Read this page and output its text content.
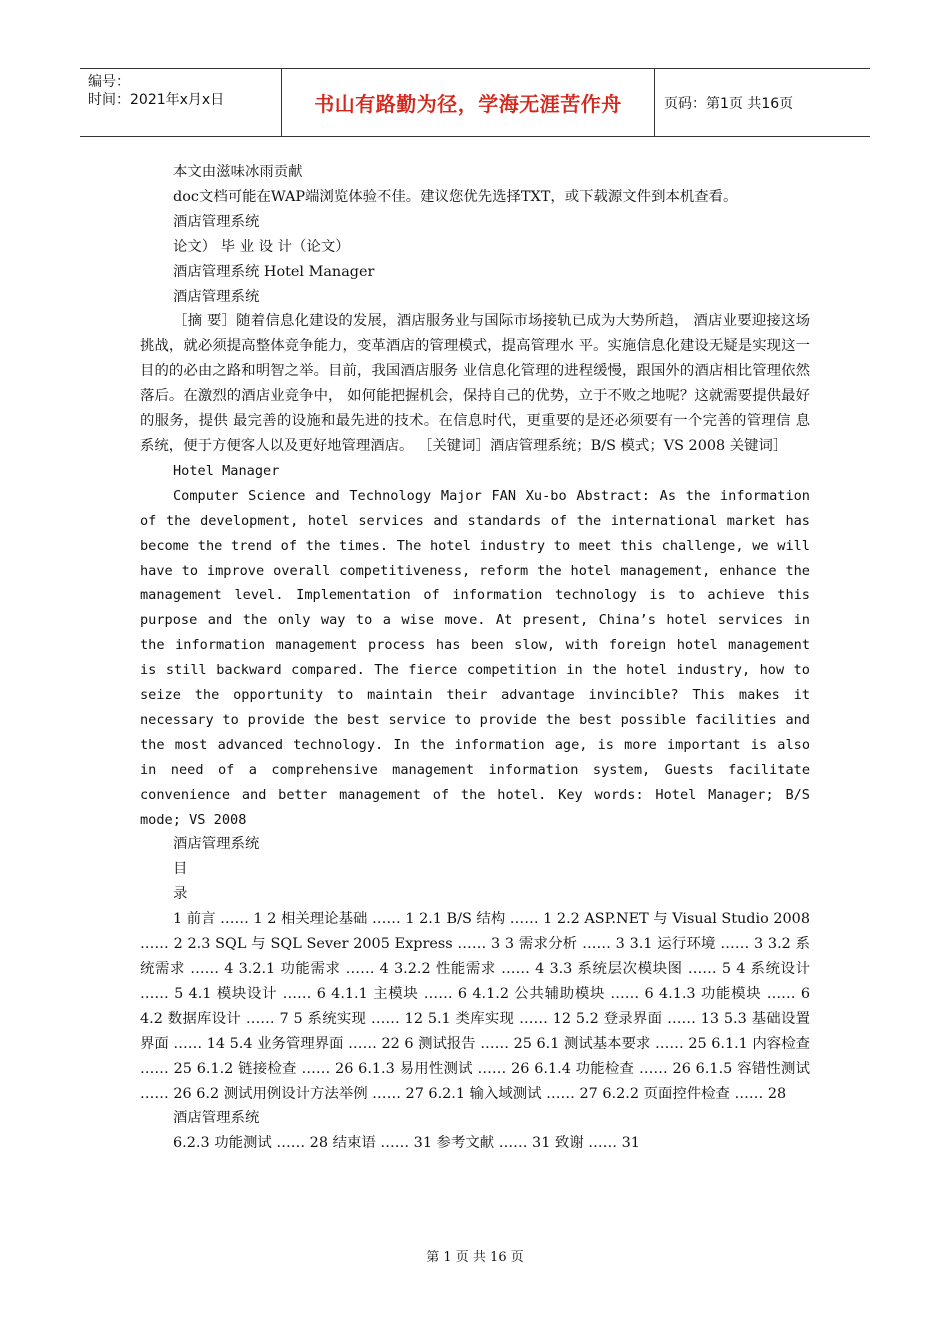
编号：
时间：2021年x月x日	书山有路勤为径，学海无涯苦作舟	页码：第1页 共16页

本文由滋味冰雨贡献

doc文档可能在WAP端浏览体验不佳。建议您优先选择TXT，或下载源文件到本机查看。

酒店管理系统

论文） 毕 业 设 计（论文）

酒店管理系统 Hotel Manager

酒店管理系统

［摘 要］随着信息化建设的发展，酒店服务业与国际市场接轨已成为大势所趋， 酒店业要迎接这场挑战，就必须提高整体竞争能力，变革酒店的管理模式，提高管理水 平。实施信息化建设无疑是实现这一目的的必由之路和明智之举。目前，我国酒店服务 业信息化管理的进程缓慢，跟国外的酒店相比管理依然落后。在激烈的酒店业竞争中， 如何能把握机会，保持自己的优势，立于不败之地呢？这就需要提供最好的服务，提供 最完善的设施和最先进的技术。在信息时代，更重要的是还必须要有一个完善的管理信 息系统，便于方便客人以及更好地管理酒店。 ［关键词］酒店管理系统；B/S 模式；VS 2008 关键词］

Hotel Manager

Computer Science and Technology Major FAN Xu-bo Abstract: As the information of the development, hotel services and standards of the international market has become the trend of the times. The hotel industry to meet this challenge, we will have to improve overall competitiveness, reform the hotel management, enhance the management level. Implementation of information technology is to achieve this purpose and the only way to a wise move. At present, China’s hotel services in the information management process has been slow, with foreign hotel management is still backward compared. The fierce competition in the hotel industry, how to seize the opportunity to maintain their advantage invincible? This makes it necessary to provide the best service to provide the best possible facilities and the most advanced technology. In the information age, is more important is also in need of a comprehensive management information system, Guests facilitate convenience and better management of the hotel. Key words: Hotel Manager; B/S mode; VS 2008

酒店管理系统

目

录

1 前言 …… 1 2 相关理论基础 …… 1 2.1 B/S 结构 …… 1 2.2 ASP.NET 与 Visual Studio 2008 …… 2 2.3 SQL 与 SQL Sever 2005 Express …… 3 3 需求分析 …… 3 3.1 运行环境 …… 3 3.2 系统需求 …… 4 3.2.1 功能需求 …… 4 3.2.2 性能需求 …… 4 3.3 系统层次模块图 …… 5 4 系统设计 …… 5 4.1 模块设计 …… 6 4.1.1 主模块 …… 6 4.1.2 公共辅助模块 …… 6 4.1.3 功能模块 …… 6 4.2 数据库设计 …… 7 5 系统实现 …… 12 5.1 类库实现 …… 12 5.2 登录界面 …… 13 5.3 基础设置界面 …… 14 5.4 业务管理界面 …… 22 6 测试报告 …… 25 6.1 测试基本要求 …… 25 6.1.1 内容检查 …… 25 6.1.2 链接检查 …… 26 6.1.3 易用性测试 …… 26 6.1.4 功能检查 …… 26 6.1.5 容错性测试 …… 26 6.2 测试用例设计方法举例 …… 27 6.2.1 输入域测试 …… 27 6.2.2 页面控件检查 …… 28

酒店管理系统

6.2.3 功能测试 …… 28 结束语 …… 31 参考文献 …… 31 致谢 …… 31

第 1 页 共 16 页
